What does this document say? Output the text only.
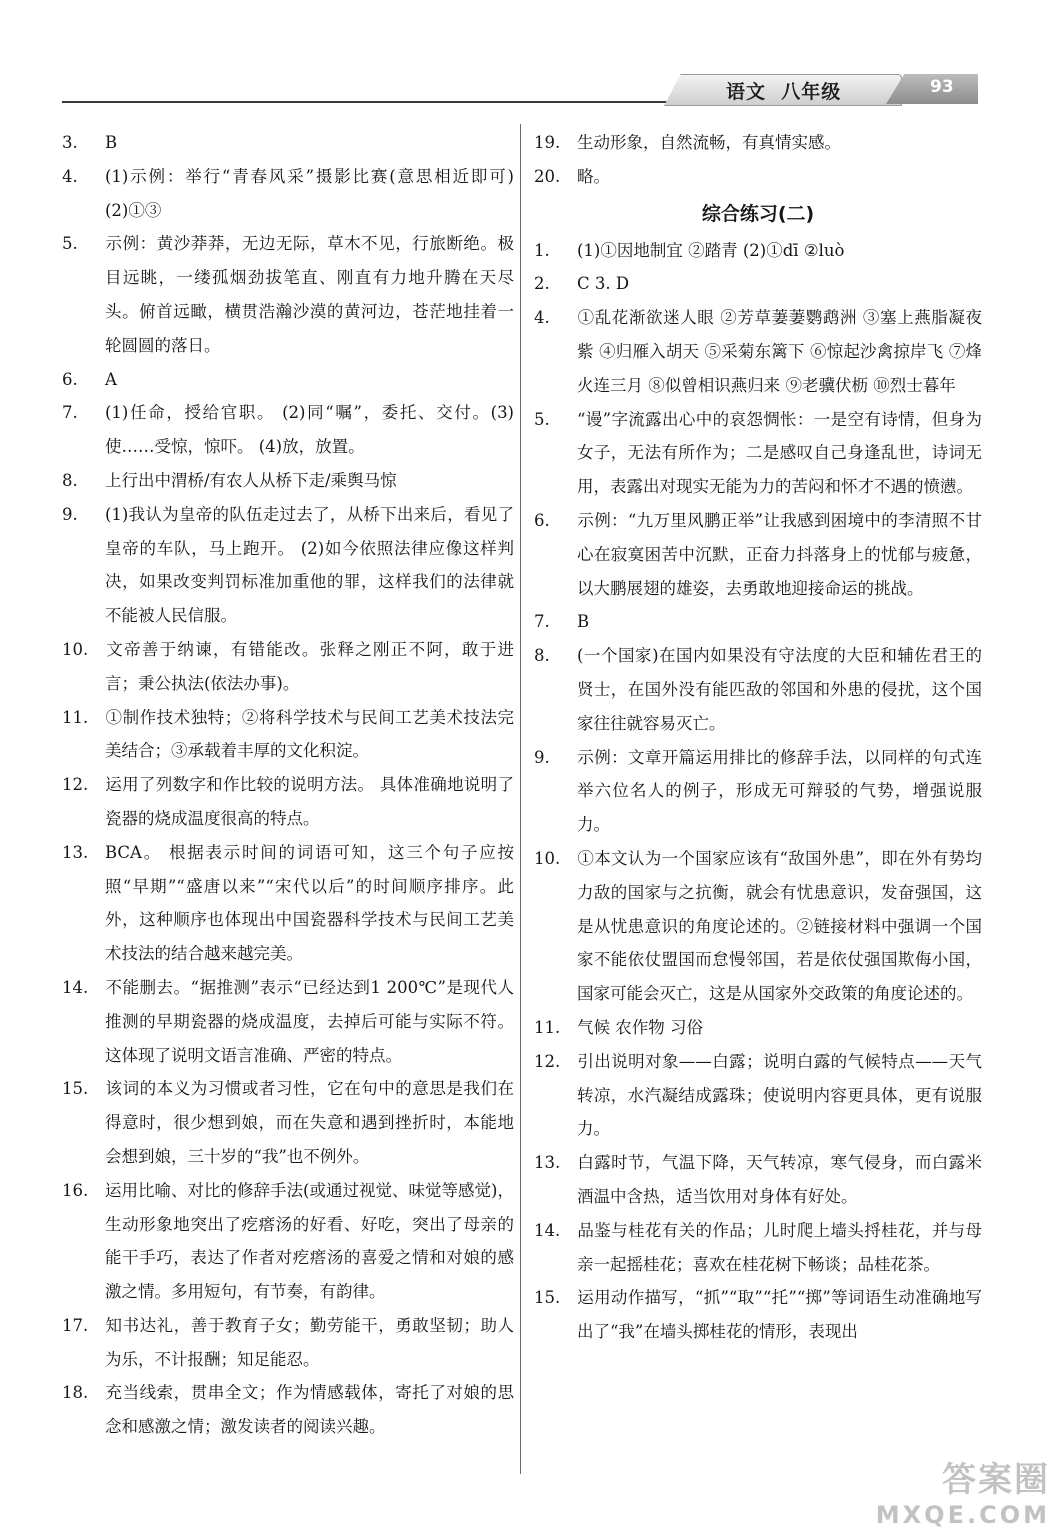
语文  八年级	93
3. B
4. (1)示例：举行“青春风采”摄影比赛(意思相近即可) (2)①③
5. 示例：黄沙莽莽，无边无际，草木不见，行旅断绝。极目远眺，一缕孤烟劲拔笔直、刚直有力地升腾在天尽头。俯首远瞰，横贯浩瀚沙漠的黄河边，苍茫地挂着一轮圆圆的落日。
6. A
7. (1)任命，授给官职。 (2)同“嘱”，委托、交付。(3)使……受惊，惊吓。 (4)放，放置。
8. 上行出中渭桥/有农人从桥下走/乘舆马惊
9. (1)我认为皇帝的队伍走过去了，从桥下出来后，看见了皇帝的车队，马上跑开。 (2)如今依照法律应像这样判决，如果改变判罚标准加重他的罪，这样我们的法律就不能被人民信服。
10. 文帝善于纳谏，有错能改。张释之刚正不阿，敢于进言；秉公执法(依法办事)。
11. ①制作技术独特；②将科学技术与民间工艺美术技法完美结合；③承载着丰厚的文化积淀。
12. 运用了列数字和作比较的说明方法。 具体准确地说明了瓷器的烧成温度很高的特点。
13. BCA。 根据表示时间的词语可知，这三个句子应按照“早期”“盛唐以来”“宋代以后”的时间顺序排序。此外，这种顺序也体现出中国瓷器科学技术与民间工艺美术技法的结合越来越完美。
14. 不能删去。“据推测”表示“已经达到1 200℃”是现代人推测的早期瓷器的烧成温度，去掉后可能与实际不符。这体现了说明文语言准确、严密的特点。
15. 该词的本义为习惯或者习性，它在句中的意思是我们在得意时，很少想到娘，而在失意和遇到挫折时，本能地会想到娘，三十岁的“我”也不例外。
16. 运用比喻、对比的修辞手法(或通过视觉、味觉等感觉)，生动形象地突出了疙瘩汤的好看、好吃，突出了母亲的能干手巧，表达了作者对疙瘩汤的喜爱之情和对娘的感激之情。多用短句，有节奏，有韵律。
17. 知书达礼，善于教育子女；勤劳能干，勇敢坚韧；助人为乐，不计报酬；知足能忍。
18. 充当线索，贯串全文；作为情感载体，寄托了对娘的思念和感激之情；激发读者的阅读兴趣。
19. 生动形象，自然流畅，有真情实感。
20. 略。
综合练习(二)
1. (1)①因地制宜 ②踏青 (2)①dī ②luò
2. C 3. D
4. ①乱花渐欲迷人眼 ②芳草萋萋鹦鹉洲 ③塞上燕脂凝夜紫 ④归雁入胡天 ⑤采菊东篱下 ⑥惊起沙禽掠岸飞 ⑦烽火连三月 ⑧似曾相识燕归来 ⑨老骥伏枥 ⑩烈士暮年
5. “谩”字流露出心中的哀怨惆怅：一是空有诗情，但身为女子，无法有所作为；二是感叹自己身逢乱世，诗词无用，表露出对现实无能为力的苦闷和怀才不遇的愤懑。
6. 示例：“九万里风鹏正举”让我感到困境中的李清照不甘心在寂寞困苦中沉默，正奋力抖落身上的忧郁与疲惫，以大鹏展翅的雄姿，去勇敢地迎接命运的挑战。
7. B
8. (一个国家)在国内如果没有守法度的大臣和辅佐君王的贤士，在国外没有能匹敌的邻国和外患的侵扰，这个国家往往就容易灭亡。
9. 示例：文章开篇运用排比的修辞手法，以同样的句式连举六位名人的例子，形成无可辩驳的气势，增强说服力。
10. ①本文认为一个国家应该有“敌国外患”，即在外有势均力敌的国家与之抗衡，就会有忧患意识，发奋强国，这是从忧患意识的角度论述的。②链接材料中强调一个国家不能依仗盟国而怠慢邻国，若是依仗强国欺侮小国，国家可能会灭亡，这是从国家外交政策的角度论述的。
11. 气候 农作物 习俗
12. 引出说明对象——白露；说明白露的气候特点——天气转凉，水汽凝结成露珠；使说明内容更具体，更有说服力。
13. 白露时节，气温下降，天气转凉，寒气侵身，而白露米酒温中含热，适当饮用对身体有好处。
14. 品鉴与桂花有关的作品；儿时爬上墙头捋桂花，并与母亲一起摇桂花；喜欢在桂花树下畅谈；品桂花茶。
15. 运用动作描写，“抓”“取”“托”“掷”等词语生动准确地写出了“我”在墙头掷桂花的情形，表现出
答案圈
MXQE.COM
